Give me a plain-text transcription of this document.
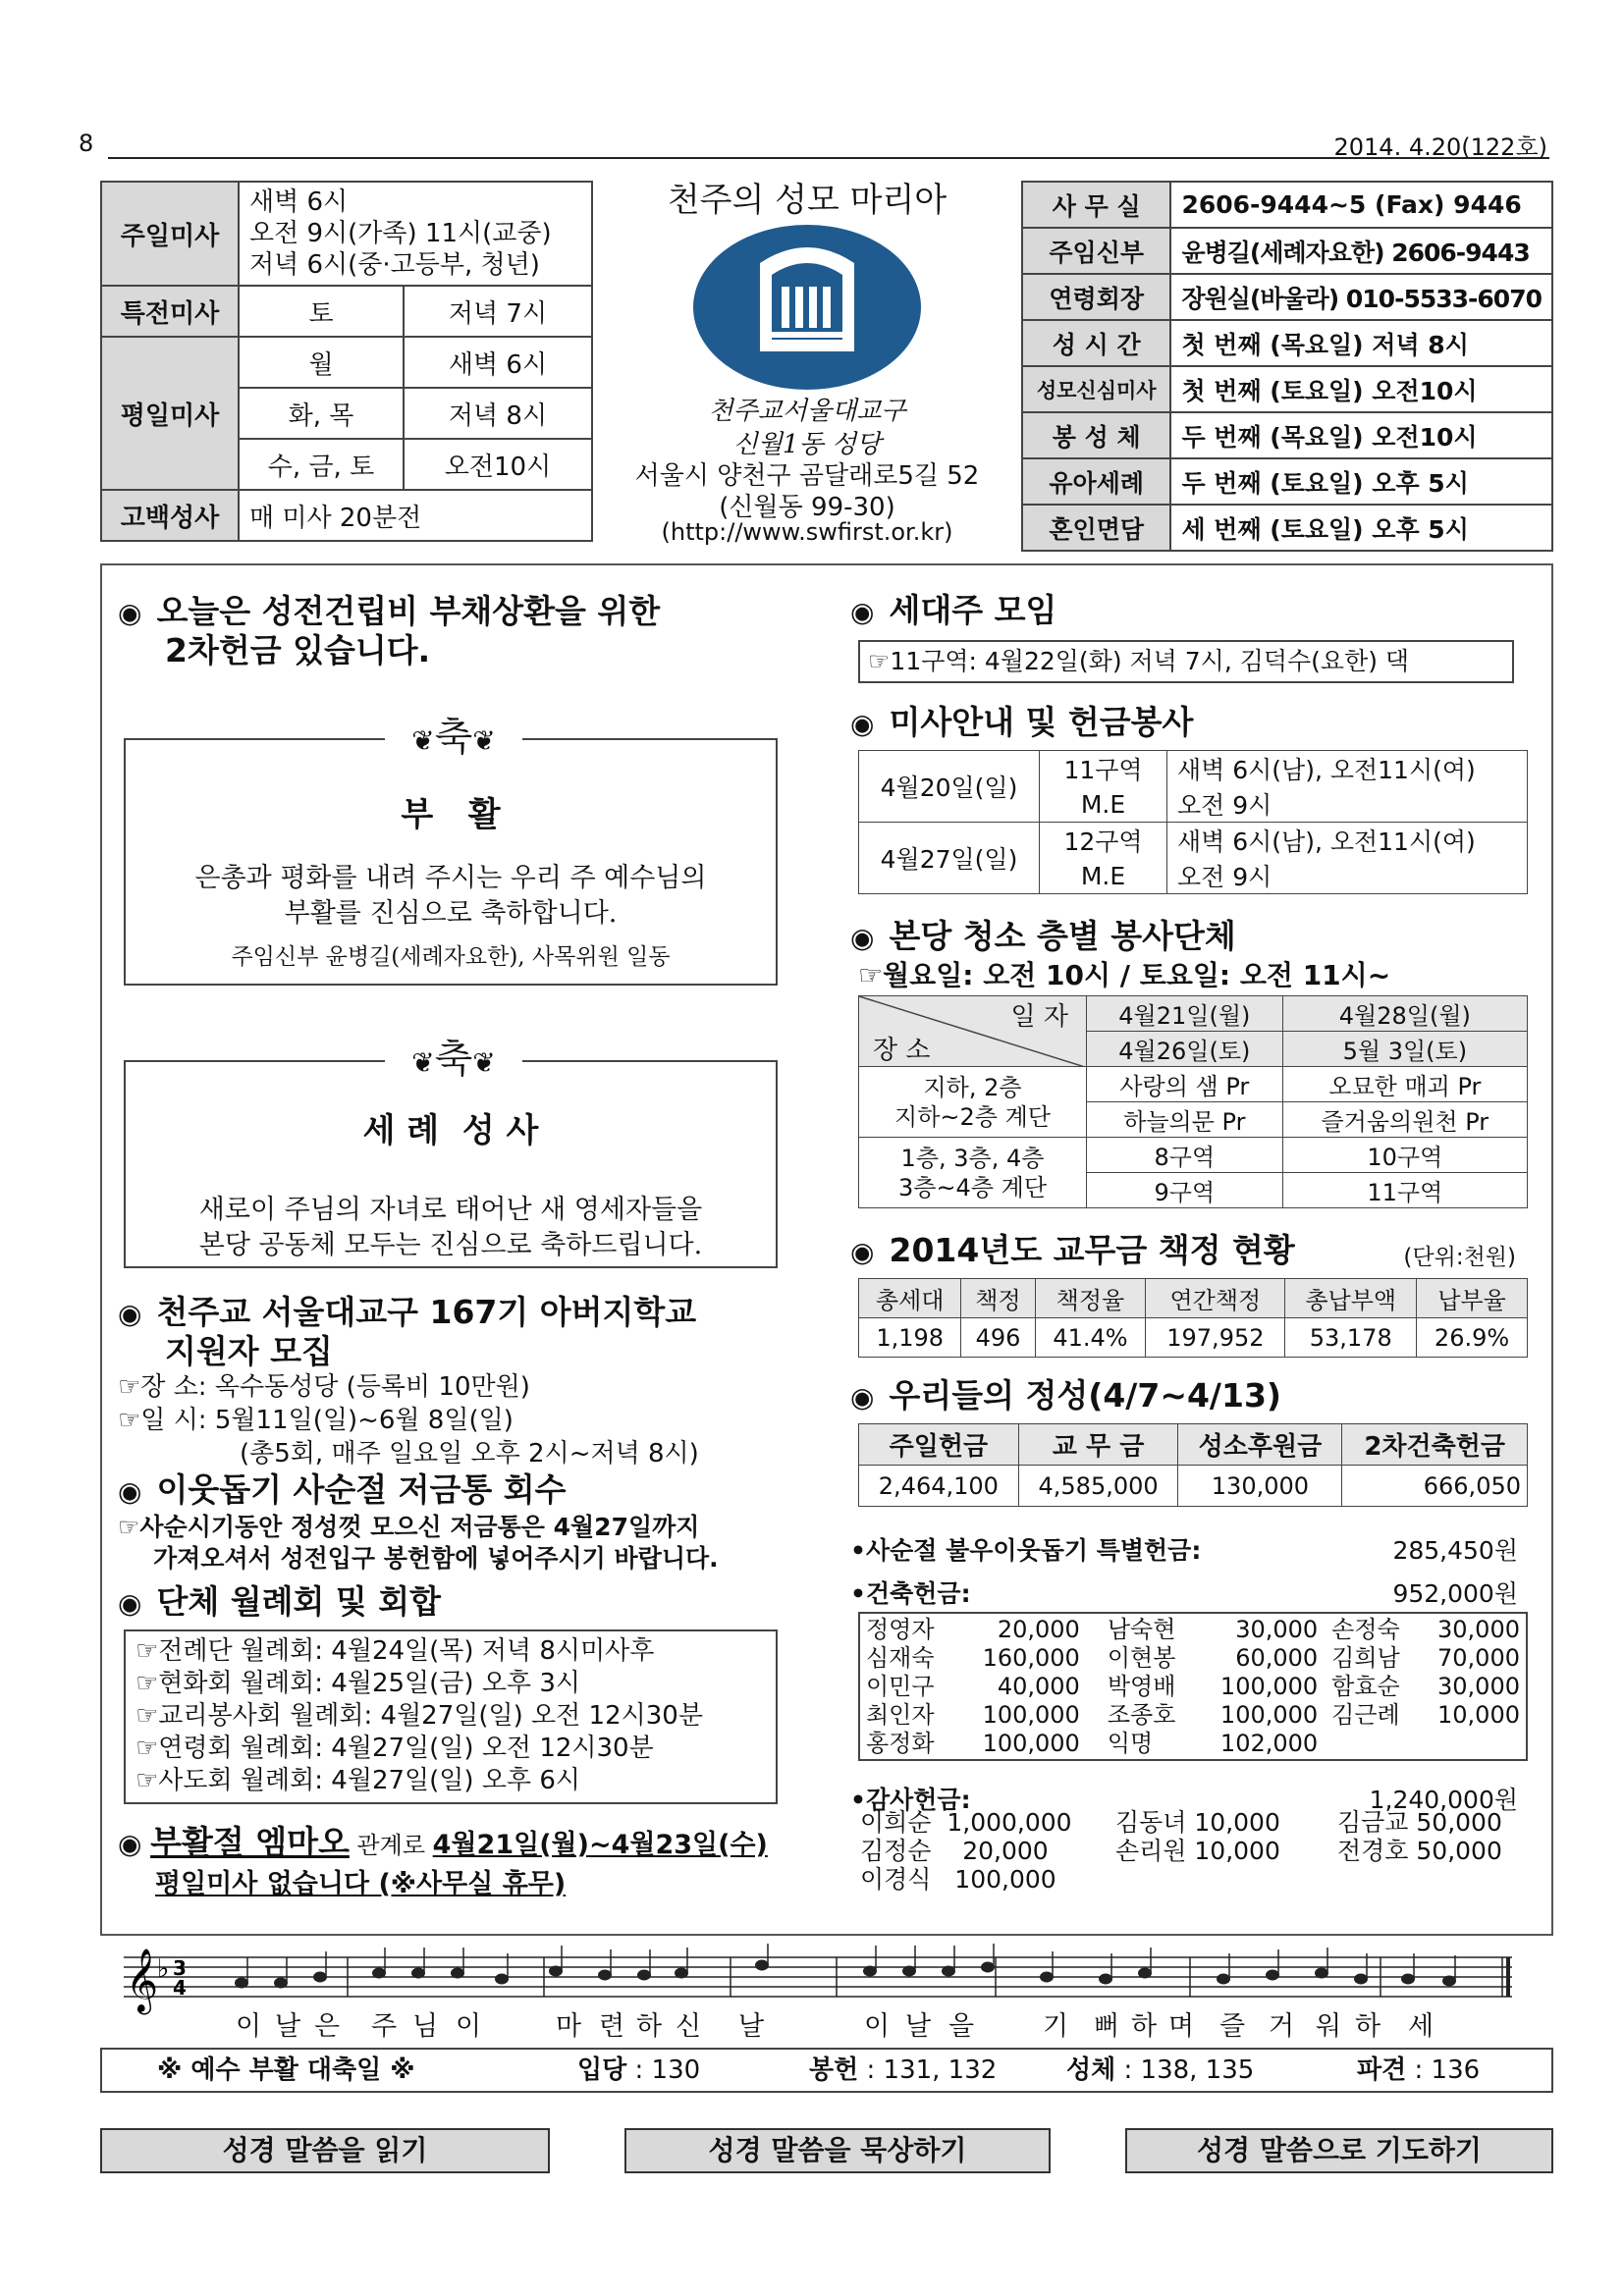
8	2014. 4.20(122호)
주일미사	새벽 6시
오전 9시(가족) 11시(교중)
저녁 6시(중·고등부, 청년)	

특전미사	토	저녁 7시
평일미사	월	새벽 6시
	화, 목	저녁 8시
	수, 금, 토	오전10시
고백성사	매 미사 20분전	
천주의 성모 마리아
천주교서울대교구
신월1동 성당
서울시 양천구 곰달래로5길 52
(신월동 99-30)
(http://www.swfirst.or.kr)
사 무 실	2606-9444~5 (Fax) 9446
주임신부	윤병길(세례자요한) 2606-9443
연령회장	장원실(바울라) 010-5533-6070
성 시 간	첫 번째 (목요일) 저녁 8시
성모신심미사	첫 번째 (토요일) 오전10시
봉 성 체	두 번째 (목요일) 오전10시
유아세례	두 번째 (토요일) 오후 5시
혼인면담	세 번째 (토요일) 오후 5시
◉ 오늘은 성전건립비 부채상환을 위한
2차헌금 있습니다.
❦축❦
부   활
은총과 평화를 내려 주시는 우리 주 예수님의
부활를 진심으로 축하합니다.
주임신부 윤병길(세례자요한), 사목위원 일동
❦축❦
세 례  성 사
새로이 주님의 자녀로 태어난 새 영세자들을
본당 공동체 모두는 진심으로 축하드립니다.
◉ 천주교 서울대교구 167기 아버지학교
지원자 모집
☞장 소: 옥수동성당 (등록비 10만원)
☞일 시: 5월11일(일)~6월 8일(일)
(총5회, 매주 일요일 오후 2시~저녁 8시)
◉ 이웃돕기 사순절 저금통 회수
☞사순시기동안 정성껏 모으신 저금통은 4월27일까지
가져오셔서 성전입구 봉헌함에 넣어주시기 바랍니다.
◉ 단체 월례회 및 회합
☞전례단 월례회: 4월24일(목) 저녁 8시미사후
☞현화회 월례회: 4월25일(금) 오후 3시
☞교리봉사회 월례회: 4월27일(일) 오전 12시30분
☞연령회 월례회: 4월27일(일) 오전 12시30분
☞사도회 월례회: 4월27일(일) 오후 6시
◉ 부활절 엠마오 관계로 4월21일(월)~4월23일(수)
평일미사 없습니다 (※사무실 휴무)
◉ 세대주 모임
☞11구역: 4월22일(화) 저녁 7시, 김덕수(요한) 댁
◉ 미사안내 및 헌금봉사
4월20일(일)	11구역	새벽 6시(남), 오전11시(여)
	M.E	오전 9시
4월27일(일)	12구역	새벽 6시(남), 오전11시(여)
	M.E	오전 9시
◉ 본당 청소 층별 봉사단체
☞월요일: 오전 10시 / 토요일: 오전 11시~
일 자
장 소	4월21일(월)	4월28일(월)
	4월26일(토)	5월 3일(토)

지하, 2층
지하~2층 계단	사랑의 샘 Pr	오묘한 매괴 Pr
	하늘의문 Pr	즐거움의원천 Pr

1층, 3층, 4층
3층~4층 계단	8구역	10구역
	9구역	11구역
◉ 2014년도 교무금 책정 현황	(단위:천원)
총세대	책정	책정율	연간책정	총납부액	납부율
1,198	496	41.4%	197,952	53,178	26.9%
◉ 우리들의 정성(4/7~4/13)
주일헌금	교 무 금	성소후원금	2차건축헌금
2,464,100	4,585,000	130,000	666,050
•사순절 불우이웃돕기 특별헌금:	285,450원
•건축헌금:	952,000원
정영자	20,000	남숙현	30,000	손정숙	30,000
심재숙	160,000	이현봉	60,000	김희남	70,000
이민구	40,000	박영배	100,000	함효순	30,000
최인자	100,000	조종호	100,000	김근례	10,000
홍정화	100,000	익명	102,000		
•감사헌금:	1,240,000원
이희순  1,000,000	김동녀 10,000	김금교 50,000
김정순    20,000	손리원 10,000	전경호 50,000
이경식   100,000		
𝄞
♭ 3
4
이 날 은 주 님 이	마 련 하 신 날	이 날 을	기 뻐 하 며 즐 거 워 하 세
※ 예수 부활 대축일 ※	입당 : 130	봉헌 : 131, 132	성체 : 138, 135	파견 : 136
성경 말씀을 읽기	성경 말씀을 묵상하기	성경 말씀으로 기도하기
